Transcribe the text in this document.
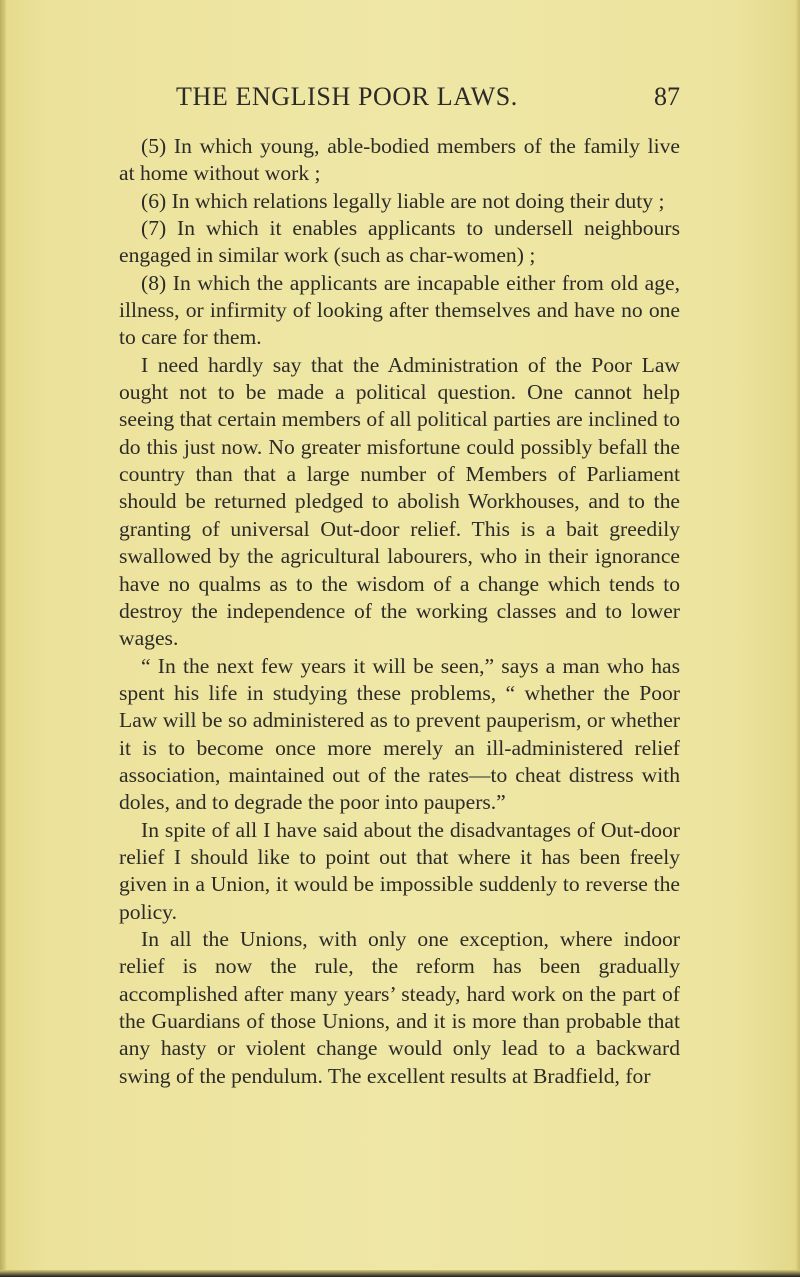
THE ENGLISH POOR LAWS.	87

(5) In which young, able-bodied members of the family live at home without work ;

(6) In which relations legally liable are not doing their duty ;

(7) In which it enables applicants to undersell neighbours engaged in similar work (such as char-women) ;

(8) In which the applicants are incapable either from old age, illness, or infirmity of looking after themselves and have no one to care for them.

I need hardly say that the Administration of the Poor Law ought not to be made a political question. One cannot help seeing that certain members of all political parties are inclined to do this just now. No greater misfortune could possibly befall the country than that a large number of Members of Parliament should be returned pledged to abolish Workhouses, and to the granting of universal Out-door relief. This is a bait greedily swallowed by the agricultural labourers, who in their ignorance have no qualms as to the wisdom of a change which tends to destroy the independence of the working classes and to lower wages.

“ In the next few years it will be seen,” says a man who has spent his life in studying these problems, “ whether the Poor Law will be so administered as to prevent pauperism, or whether it is to become once more merely an ill-administered relief association, maintained out of the rates—to cheat distress with doles, and to degrade the poor into paupers.”

In spite of all I have said about the disadvantages of Out-door relief I should like to point out that where it has been freely given in a Union, it would be impossible suddenly to reverse the policy.

In all the Unions, with only one exception, where indoor relief is now the rule, the reform has been gradually accomplished after many years’ steady, hard work on the part of the Guardians of those Unions, and it is more than probable that any hasty or violent change would only lead to a backward swing of the pendulum. The excellent results at Bradfield, for
